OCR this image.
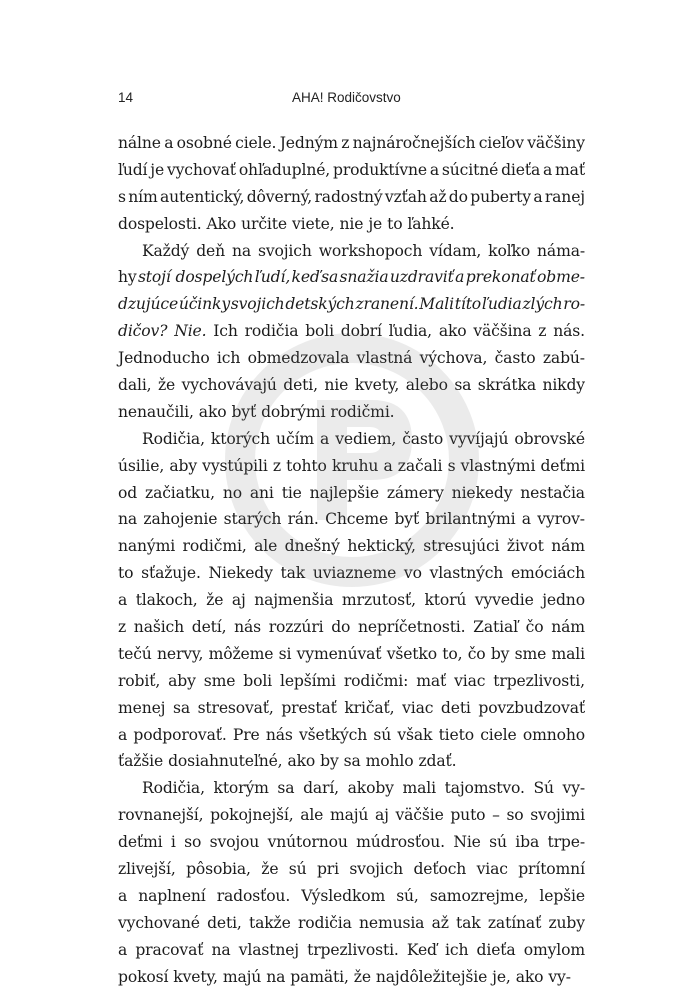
14	AHA! Rodičovstvo
nálne a osobné ciele. Jedným z najnáročnejších cieľov väčšiny
ľudí je vychovať ohľaduplné, produktívne a súcitné dieťa a mať
s ním autentický, dôverný, radostný vzťah až do puberty a ranej
dospelosti. Ako určite viete, nie je to ľahké.
Každý deň na svojich workshopoch vídam, koľko náma-
hy stojí dospelých ľudí, keď sa snažia uzdraviť a prekonať obme-
dzujúce účinky svojich detských zranení. Mali títo ľudia zlých ro-
dičov? Nie. Ich rodičia boli dobrí ľudia, ako väčšina z nás.
Jednoducho ich obmedzovala vlastná výchova, často zabú-
dali, že vychovávajú deti, nie kvety, alebo sa skrátka nikdy
nenaučili, ako byť dobrými rodičmi.
Rodičia, ktorých učím a vediem, často vyvíjajú obrovské
úsilie, aby vystúpili z tohto kruhu a začali s vlastnými deťmi
od začiatku, no ani tie najlepšie zámery niekedy nestačia
na zahojenie starých rán. Chceme byť brilantnými a vyrov-
nanými rodičmi, ale dnešný hektický, stresujúci život nám
to sťažuje. Niekedy tak uviazneme vo vlastných emóciách
a tlakoch, že aj najmenšia mrzutosť, ktorú vyvedie jedno
z našich detí, nás rozzúri do nepríčetnosti. Zatiaľ čo nám
tečú nervy, môžeme si vymenúvať všetko to, čo by sme mali
robiť, aby sme boli lepšími rodičmi: mať viac trpezlivosti,
menej sa stresovať, prestať kričať, viac deti povzbudzovať
a podporovať. Pre nás všetkých sú však tieto ciele omnoho
ťažšie dosiahnuteľné, ako by sa mohlo zdať.
Rodičia, ktorým sa darí, akoby mali tajomstvo. Sú vy-
rovnanejší, pokojnejší, ale majú aj väčšie puto – so svojimi
deťmi i so svojou vnútornou múdrosťou. Nie sú iba trpe-
zlivejší, pôsobia, že sú pri svojich deťoch viac prítomní
a naplnení radosťou. Výsledkom sú, samozrejme, lepšie
vychované deti, takže rodičia nemusia až tak zatínať zuby
a pracovať na vlastnej trpezlivosti. Keď ich dieťa omylom
pokosí kvety, majú na pamäti, že najdôležitejšie je, ako vy-
